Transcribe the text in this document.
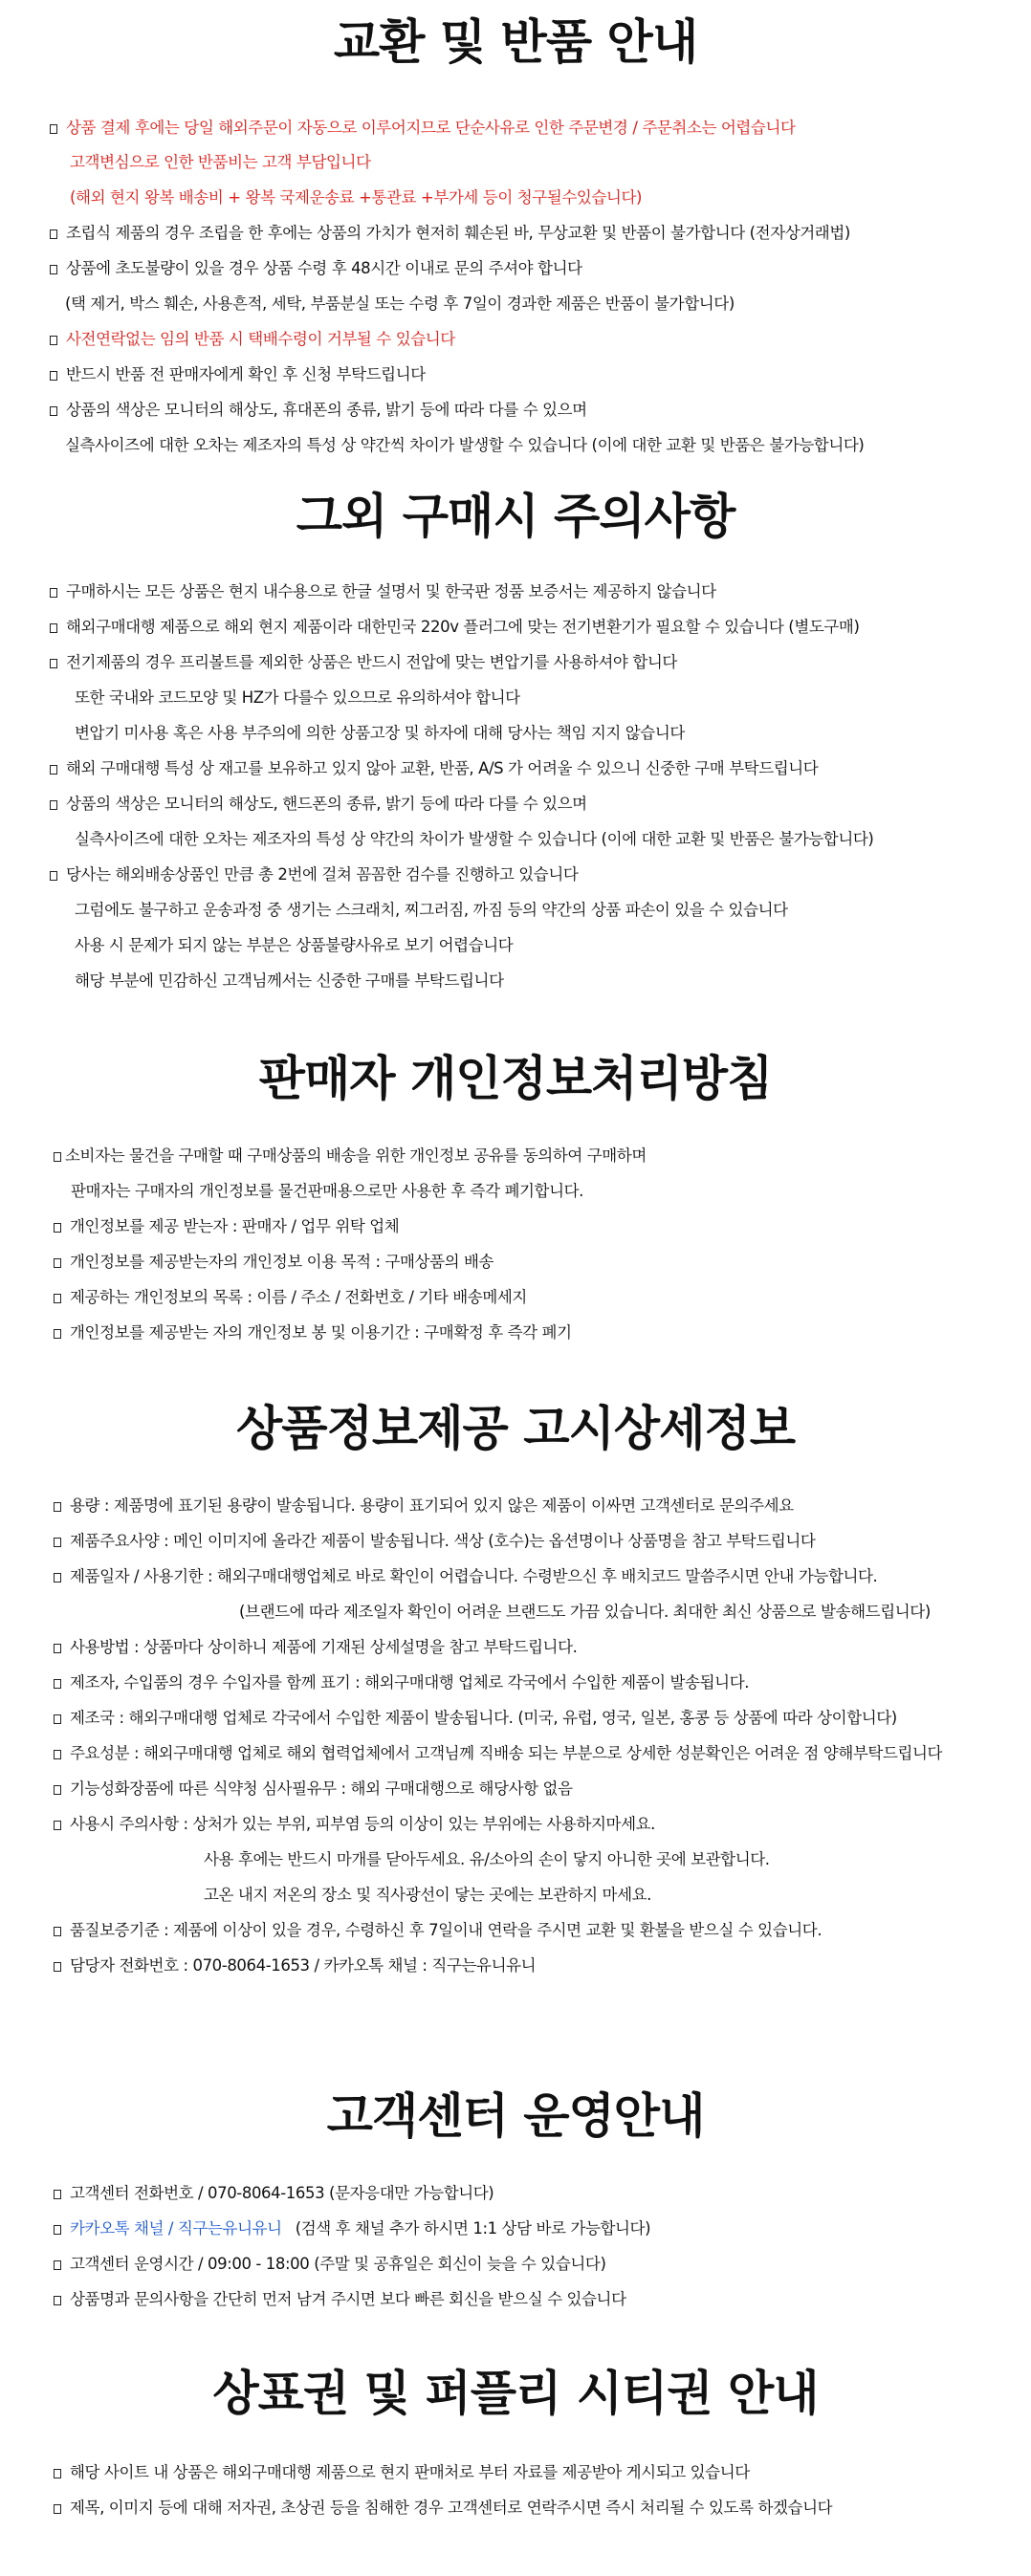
교환 및 반품 안내
상품 결제 후에는 당일 해외주문이 자동으로 이루어지므로 단순사유로 인한 주문변경 / 주문취소는 어렵습니다
고객변심으로 인한 반품비는 고객 부담입니다
(해외 현지 왕복 배송비 + 왕복 국제운송료 +통관료 +부가세 등이 청구될수있습니다)
조립식 제품의 경우 조립을 한 후에는 상품의 가치가 현저히 훼손된 바, 무상교환 및 반품이 불가합니다 (전자상거래법)
상품에 초도불량이 있을 경우 상품 수령 후 48시간 이내로 문의 주셔야 합니다
(택 제거, 박스 훼손, 사용흔적, 세탁, 부품분실 또는 수령 후 7일이 경과한 제품은 반품이 불가합니다)
사전연락없는 임의 반품 시 택배수령이 거부될 수 있습니다
반드시 반품 전 판매자에게 확인 후 신청 부탁드립니다
상품의 색상은 모니터의 해상도, 휴대폰의 종류, 밝기 등에 따라 다를 수 있으며
실측사이즈에 대한 오차는 제조자의 특성 상 약간씩 차이가 발생할 수 있습니다 (이에 대한 교환 및 반품은 불가능합니다)
그외 구매시 주의사항
구매하시는 모든 상품은 현지 내수용으로 한글 설명서 및 한국판 정품 보증서는 제공하지 않습니다
해외구매대행 제품으로 해외 현지 제품이라 대한민국 220v 플러그에 맞는 전기변환기가 필요할 수 있습니다 (별도구매)
전기제품의 경우 프리볼트를 제외한 상품은 반드시 전압에 맞는 변압기를 사용하셔야 합니다
또한 국내와 코드모양 및 HZ가 다를수 있으므로 유의하셔야 합니다
변압기 미사용 혹은 사용 부주의에 의한 상품고장 및 하자에 대해 당사는 책임 지지 않습니다
해외 구매대행 특성 상 재고를 보유하고 있지 않아 교환, 반품, A/S 가 어려울 수 있으니 신중한 구매 부탁드립니다
상품의 색상은 모니터의 해상도, 핸드폰의 종류, 밝기 등에 따라 다를 수 있으며
실측사이즈에 대한 오차는 제조자의 특성 상 약간의 차이가 발생할 수 있습니다 (이에 대한 교환 및 반품은 불가능합니다)
당사는 해외배송상품인 만큼 총 2번에 걸쳐 꼼꼼한 검수를 진행하고 있습니다
그럼에도 불구하고 운송과정 중 생기는 스크래치, 찌그러짐, 까짐 등의 약간의 상품 파손이 있을 수 있습니다
사용 시 문제가 되지 않는 부분은 상품불량사유로 보기 어렵습니다
해당 부분에 민감하신 고객님께서는 신중한 구매를 부탁드립니다
판매자 개인정보처리방침
소비자는 물건을 구매할 때 구매상품의 배송을 위한 개인정보 공유를 동의하여 구매하며
판매자는 구매자의 개인정보를 물건판매용으로만 사용한 후 즉각 폐기합니다.
개인정보를 제공 받는자 : 판매자 / 업무 위탁 업체
개인정보를 제공받는자의 개인정보 이용 목적 : 구매상품의 배송
제공하는 개인정보의 목록 : 이름 / 주소 / 전화번호 / 기타 배송메세지
개인정보를 제공받는 자의 개인정보 봉 및 이용기간 : 구매확정 후 즉각 폐기
상품정보제공 고시상세정보
용량 : 제품명에 표기된 용량이 발송됩니다. 용량이 표기되어 있지 않은 제품이 이싸면 고객센터로 문의주세요
제품주요사양 : 메인 이미지에 올라간 제품이 발송됩니다. 색상 (호수)는 옵션명이나 상품명을 참고 부탁드립니다
제품일자 / 사용기한 : 해외구매대행업체로 바로 확인이 어렵습니다. 수령받으신 후 배치코드 말씀주시면 안내 가능합니다.
(브랜드에 따라 제조일자 확인이 어려운 브랜드도 가끔 있습니다. 최대한 최신 상품으로 발송해드립니다)
사용방법 : 상품마다 상이하니 제품에 기재된 상세설명을 참고 부탁드립니다.
제조자, 수입품의 경우 수입자를 함께 표기 : 해외구매대행 업체로 각국에서 수입한 제품이 발송됩니다.
제조국 : 해외구매대행 업체로 각국에서 수입한 제품이 발송됩니다. (미국, 유럽, 영국, 일본, 홍콩 등 상품에 따라 상이합니다)
주요성분 : 해외구매대행 업체로 해외 협력업체에서 고객님께 직배송 되는 부분으로 상세한 성분확인은 어려운 점 양해부탁드립니다
기능성화장품에 따른 식약청 심사필유무 : 해외 구매대행으로 해당사항 없음
사용시 주의사항 : 상처가 있는 부위, 피부염 등의 이상이 있는 부위에는 사용하지마세요.
사용 후에는 반드시 마개를 닫아두세요. 유/소아의 손이 닿지 아니한 곳에 보관합니다.
고온 내지 저온의 장소 및 직사광선이 닿는 곳에는 보관하지 마세요.
품질보증기준 : 제품에 이상이 있을 경우, 수령하신 후 7일이내 연락을 주시면 교환 및 환불을 받으실 수 있습니다.
담당자 전화번호 : 070-8064-1653 / 카카오톡 채널 : 직구는유니유니
고객센터 운영안내
고객센터 전화번호 / 070-8064-1653 (문자응대만 가능합니다)
카카오톡 채널 / 직구는유니유니 (검색 후 채널 추가 하시면 1:1 상담 바로 가능합니다)
고객센터 운영시간 / 09:00 - 18:00 (주말 및 공휴일은 회신이 늦을 수 있습니다)
상품명과 문의사항을 간단히 먼저 남겨 주시면 보다 빠른 회신을 받으실 수 있습니다
상표권 및 퍼플리 시티권 안내
해당 사이트 내 상품은 해외구매대행 제품으로 현지 판매처로 부터 자료를 제공받아 게시되고 있습니다
제목, 이미지 등에 대해 저자권, 초상권 등을 침해한 경우 고객센터로 연락주시면 즉시 처리될 수 있도록 하겠습니다
